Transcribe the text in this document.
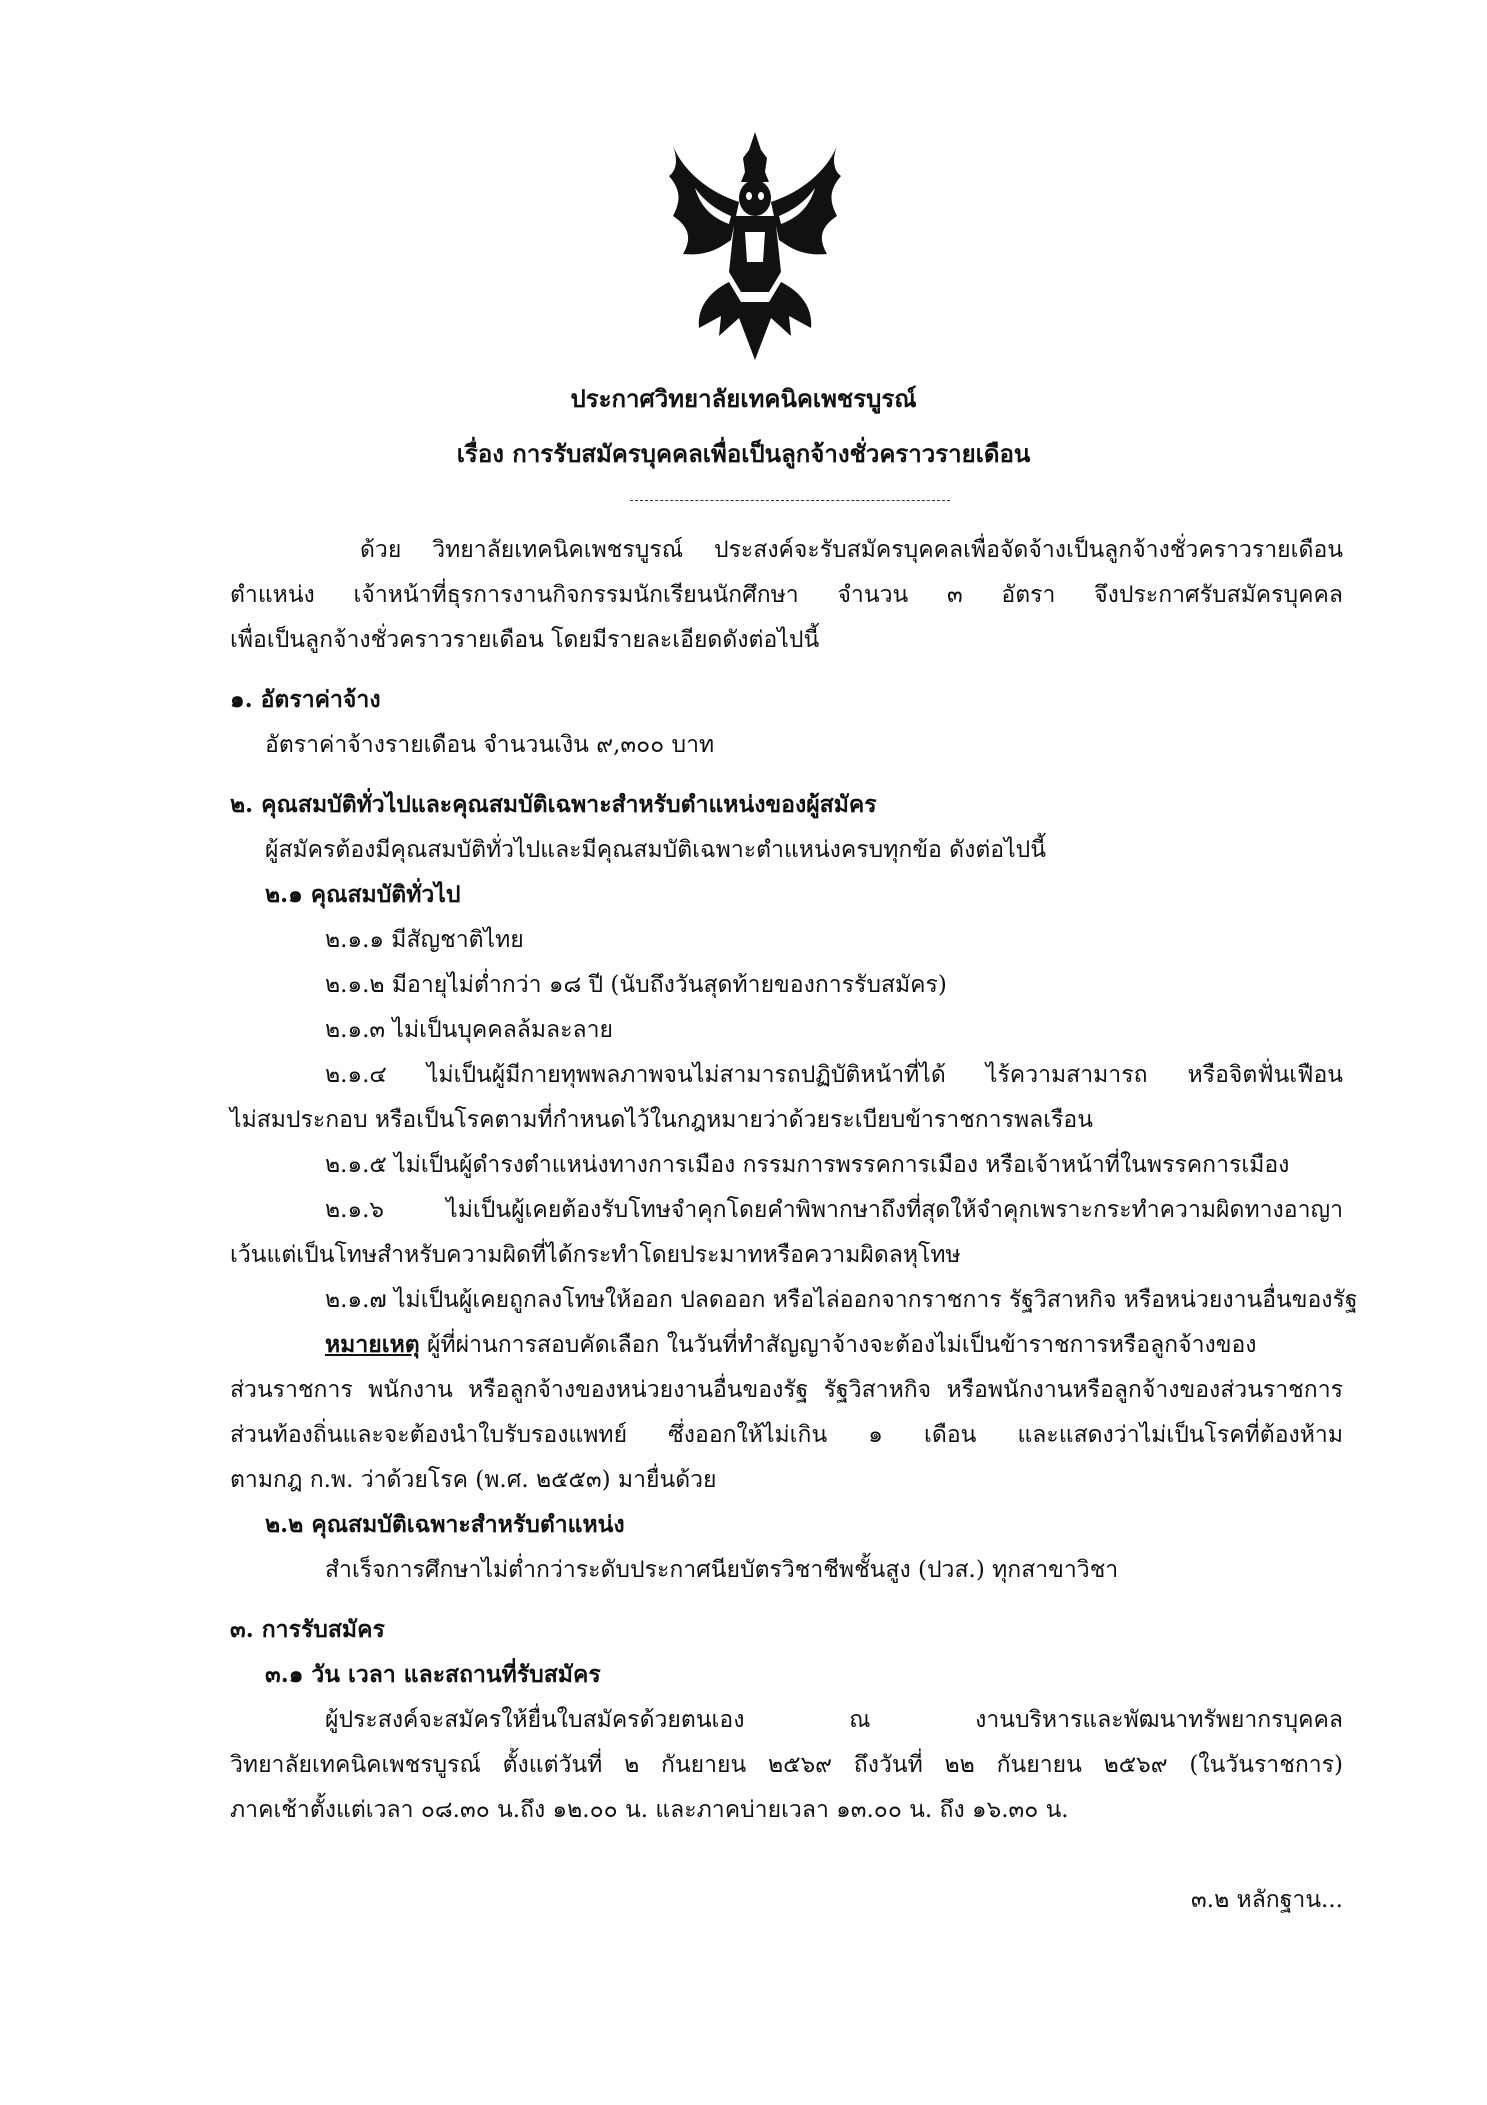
ประกาศวิทยาลัยเทคนิคเพชรบูรณ์
เรื่อง การรับสมัครบุคคลเพื่อเป็นลูกจ้างชั่วคราวรายเดือน
ด้วย วิทยาลัยเทคนิคเพชรบูรณ์ ประสงค์จะรับสมัครบุคคลเพื่อจัดจ้างเป็นลูกจ้างชั่วคราวรายเดือน
ตำแหน่ง เจ้าหน้าที่ธุรการงานกิจกรรมนักเรียนนักศึกษา จำนวน ๓ อัตรา จึงประกาศรับสมัครบุคคล
เพื่อเป็นลูกจ้างชั่วคราวรายเดือน โดยมีรายละเอียดดังต่อไปนี้
๑. อัตราค่าจ้าง
อัตราค่าจ้างรายเดือน จำนวนเงิน ๙,๓๐๐ บาท
๒. คุณสมบัติทั่วไปและคุณสมบัติเฉพาะสำหรับตำแหน่งของผู้สมัคร
ผู้สมัครต้องมีคุณสมบัติทั่วไปและมีคุณสมบัติเฉพาะตำแหน่งครบทุกข้อ ดังต่อไปนี้
๒.๑ คุณสมบัติทั่วไป
๒.๑.๑ มีสัญชาติไทย
๒.๑.๒ มีอายุไม่ต่ำกว่า ๑๘ ปี (นับถึงวันสุดท้ายของการรับสมัคร)
๒.๑.๓ ไม่เป็นบุคคลล้มละลาย
๒.๑.๔ ไม่เป็นผู้มีกายทุพพลภาพจนไม่สามารถปฏิบัติหน้าที่ได้ ไร้ความสามารถ หรือจิตฟั่นเฟือน
ไม่สมประกอบ หรือเป็นโรคตามที่กำหนดไว้ในกฎหมายว่าด้วยระเบียบข้าราชการพลเรือน
๒.๑.๕ ไม่เป็นผู้ดำรงตำแหน่งทางการเมือง กรรมการพรรคการเมือง หรือเจ้าหน้าที่ในพรรคการเมือง
๒.๑.๖ ไม่เป็นผู้เคยต้องรับโทษจำคุกโดยคำพิพากษาถึงที่สุดให้จำคุกเพราะกระทำความผิดทางอาญา
เว้นแต่เป็นโทษสำหรับความผิดที่ได้กระทำโดยประมาทหรือความผิดลหุโทษ
๒.๑.๗ ไม่เป็นผู้เคยถูกลงโทษให้ออก ปลดออก หรือไล่ออกจากราชการ รัฐวิสาหกิจ หรือหน่วยงานอื่นของรัฐ
หมายเหตุ ผู้ที่ผ่านการสอบคัดเลือก ในวันที่ทำสัญญาจ้างจะต้องไม่เป็นข้าราชการหรือลูกจ้างของ
ส่วนราชการ พนักงาน หรือลูกจ้างของหน่วยงานอื่นของรัฐ รัฐวิสาหกิจ หรือพนักงานหรือลูกจ้างของส่วนราชการ
ส่วนท้องถิ่นและจะต้องนำใบรับรองแพทย์ ซึ่งออกให้ไม่เกิน ๑ เดือน และแสดงว่าไม่เป็นโรคที่ต้องห้าม
ตามกฎ ก.พ. ว่าด้วยโรค (พ.ศ. ๒๕๕๓) มายื่นด้วย
๒.๒ คุณสมบัติเฉพาะสำหรับตำแหน่ง
สำเร็จการศึกษาไม่ต่ำกว่าระดับประกาศนียบัตรวิชาชีพชั้นสูง (ปวส.) ทุกสาขาวิชา
๓. การรับสมัคร
๓.๑ วัน เวลา และสถานที่รับสมัคร
ผู้ประสงค์จะสมัครให้ยื่นใบสมัครด้วยตนเอง ณ งานบริหารและพัฒนาทรัพยากรบุคคล
วิทยาลัยเทคนิคเพชรบูรณ์ ตั้งแต่วันที่ ๒ กันยายน ๒๕๖๙ ถึงวันที่ ๒๒ กันยายน ๒๕๖๙ (ในวันราชการ)
ภาคเช้าตั้งแต่เวลา ๐๘.๓๐ น.ถึง ๑๒.๐๐ น. และภาคบ่ายเวลา ๑๓.๐๐ น. ถึง ๑๖.๓๐ น.
๓.๒ หลักฐาน...
